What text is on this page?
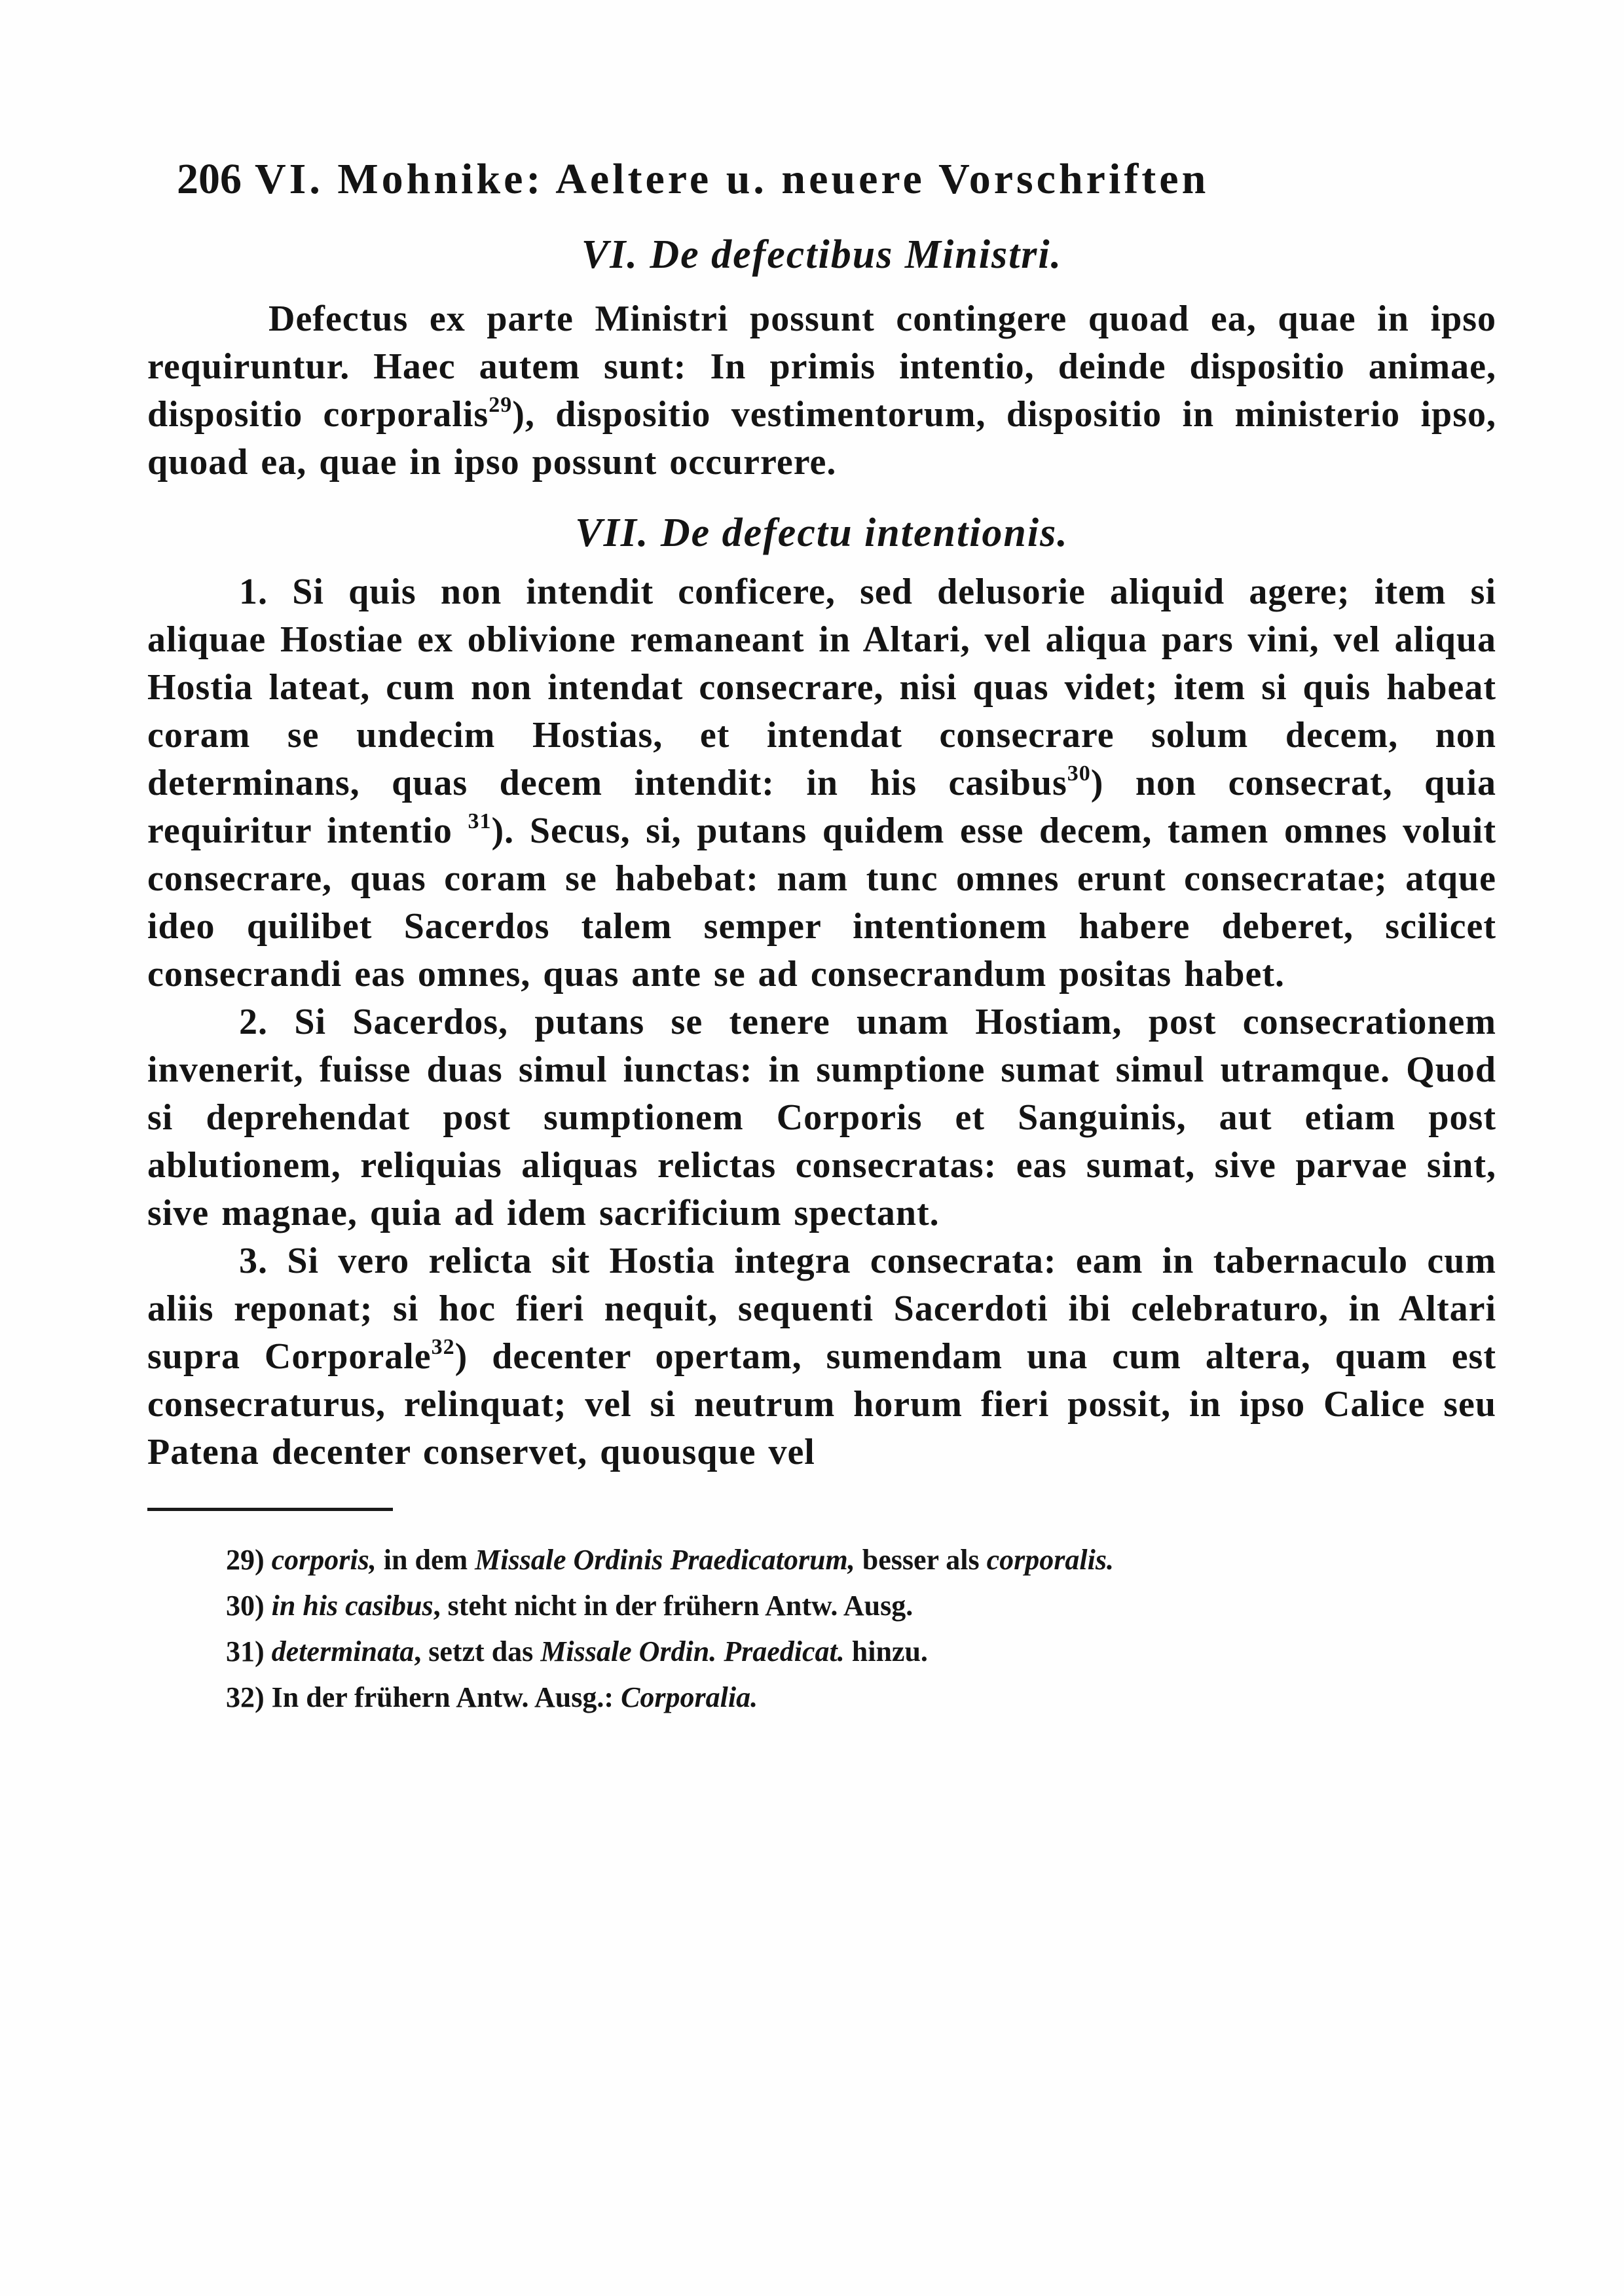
206 VI. Mohnike: Aeltere u. neuere Vorschriften
VI. De defectibus Ministri.

Defectus ex parte Ministri possunt contingere quoad ea, quae in ipso requiruntur. Haec autem sunt: In primis intentio, deinde dispositio animae, dispositio corporalis$^{29}$), dispositio vestimentorum, dispositio in ministerio ipso, quoad ea, quae in ipso possunt occurrere.

VII. De defectu intentionis.

1. Si quis non intendit conficere, sed delusorie aliquid agere; item si aliquae Hostiae ex oblivione remaneant in Altari, vel aliqua pars vini, vel aliqua Hostia lateat, cum non intendat consecrare, nisi quas videt; item si quis habeat coram se undecim Hostias, et intendat consecrare solum decem, non determinans, quas decem intendit: in his casibus$^{30}$) non consecrat, quia requiritur intentio $^{31}$). Secus, si, putans quidem esse decem, tamen omnes voluit consecrare, quas coram se habebat: nam tunc omnes erunt consecratae; atque ideo quilibet Sacerdos talem semper intentionem habere deberet, scilicet consecrandi eas omnes, quas ante se ad consecrandum positas habet.

2. Si Sacerdos, putans se tenere unam Hostiam, post consecrationem invenerit, fuisse duas simul iunctas: in sumptione sumat simul utramque. Quod si deprehendat post sumptionem Corporis et Sanguinis, aut etiam post ablutionem, reliquias aliquas relictas consecratas: eas sumat, sive parvae sint, sive magnae, quia ad idem sacrificium spectant.

3. Si vero relicta sit Hostia integra consecrata: eam in tabernaculo cum aliis reponat; si hoc fieri nequit, sequenti Sacerdoti ibi celebraturo, in Altari supra Corporale$^{32}$) decenter opertam, sumendam una cum altera, quam est consecraturus, relinquat; vel si neutrum horum fieri possit, in ipso Calice seu Patena decenter conservet, quousque vel

29) corporis, in dem Missale Ordinis Praedicatorum, besser als corporalis.

30) in his casibus, steht nicht in der frühern Antw. Ausg.

31) determinata, setzt das Missale Ordin. Praedicat. hinzu.

32) In der frühern Antw. Ausg.: Corporalia.
